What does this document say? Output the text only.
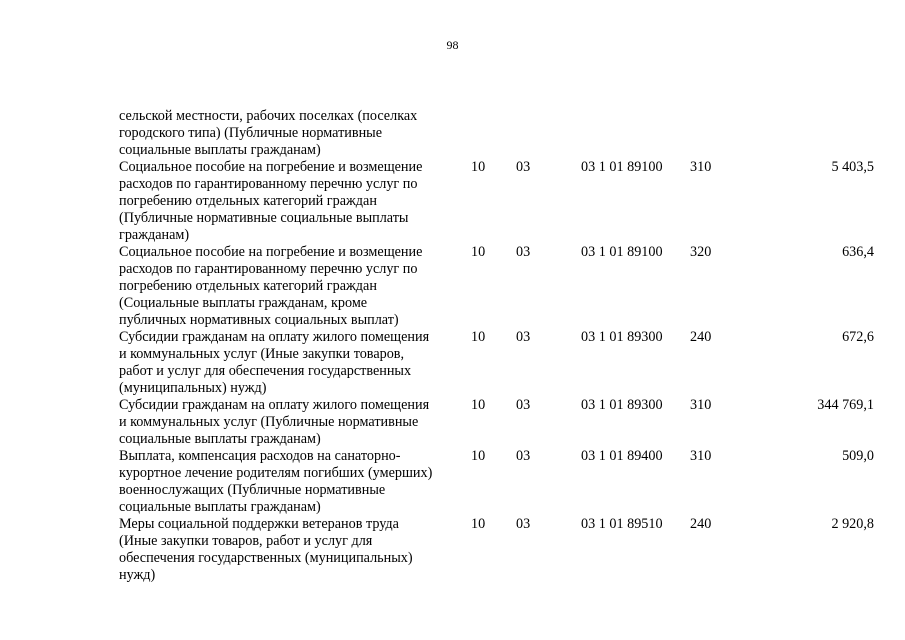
98
сельской местности, рабочих поселках (поселках
городского типа) (Публичные нормативные
социальные выплаты гражданам)
Социальное пособие на погребение и возмещение
расходов по гарантированному перечню услуг по
погребению отдельных категорий граждан
(Публичные нормативные социальные выплаты
гражданам)
10 03	03 1 01 89100 310	5 403,5
Социальное пособие на погребение и возмещение
расходов по гарантированному перечню услуг по
погребению отдельных категорий граждан
(Социальные выплаты гражданам, кроме
публичных нормативных социальных выплат)
10 03	03 1 01 89100 320	636,4
Субсидии гражданам на оплату жилого помещения
и коммунальных услуг (Иные закупки товаров,
работ и услуг для обеспечения государственных
(муниципальных) нужд)
10 03	03 1 01 89300 240	672,6
Субсидии гражданам на оплату жилого помещения
и коммунальных услуг (Публичные нормативные
социальные выплаты гражданам)
10 03	03 1 01 89300 310	344 769,1
Выплата, компенсация расходов на санаторно-
курортное лечение родителям погибших (умерших)
военнослужащих (Публичные нормативные
социальные выплаты гражданам)
10 03	03 1 01 89400 310	509,0
Меры социальной поддержки ветеранов труда
(Иные закупки товаров, работ и услуг для
обеспечения государственных (муниципальных)
нужд)
10 03	03 1 01 89510 240	2 920,8
